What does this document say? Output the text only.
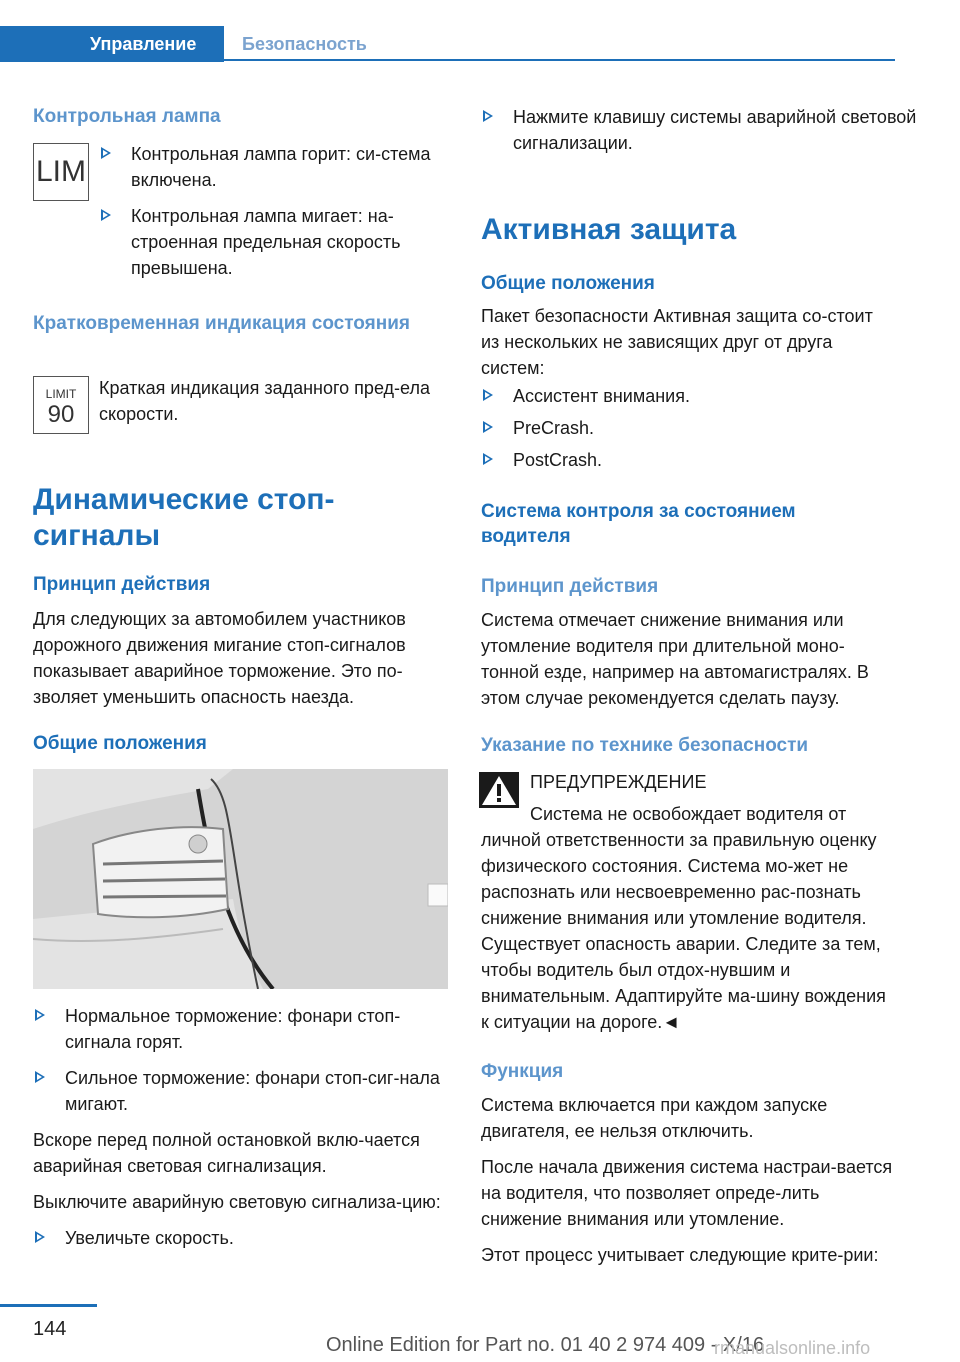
Управление	Безопасность
Контрольная лампа
LIM
Контрольная лампа горит: си-стема включена.
Контрольная лампа мигает: на-строенная предельная скорость превышена.
Кратковременная индикация состояния
LIMIT
90

Краткая индикация заданного пред-ела скорости.

Динамические стоп-сигналы
Принцип действия

Для следующих за автомобилем участников дорожного движения мигание стоп-сигналов показывает аварийное торможение. Это по-зволяет уменьшить опасность наезда.

Общие положения
Нормальное торможение: фонари стоп-сигнала горят.
Сильное торможение: фонари стоп-сиг-нала мигают.

Вскоре перед полной остановкой вклю-чается аварийная световая сигнализация.

Выключите аварийную световую сигнализа-цию:

Увеличьте скорость.
Нажмите клавишу системы аварийной световой сигнализации.
Активная защита
Общие положения

Пакет безопасности Активная защита со-стоит из нескольких не зависящих друг от друга систем:

Ассистент внимания.
PreCrash.
PostCrash.
Система контроля за состоянием водителя
Принцип действия

Система отмечает снижение внимания или утомление водителя при длительной моно-тонной езде, например на автомагистралях. В этом случае рекомендуется сделать паузу.

Указание по технике безопасности

ПРЕДУПРЕЖДЕНИЕ

Система не освобождает водителя от личной ответственности за правильную оценку физического состояния. Система мо-жет не распознать или несвоевременно рас-познать снижение внимания или утомление водителя. Существует опасность аварии. Следите за тем, чтобы водитель был отдох-нувшим и внимательным. Адаптируйте ма-шину вождения к ситуации на дороге.◄

Функция

Система включается при каждом запуске двигателя, ее нельзя отключить.

После начала движения система настраи-вается на водителя, что позволяет опреде-лить снижение внимания или утомление.

Этот процесс учитывает следующие крите-рии:

144
Online Edition for Part no. 01 40 2 974 409 - X/16
rmanualsonline.info
